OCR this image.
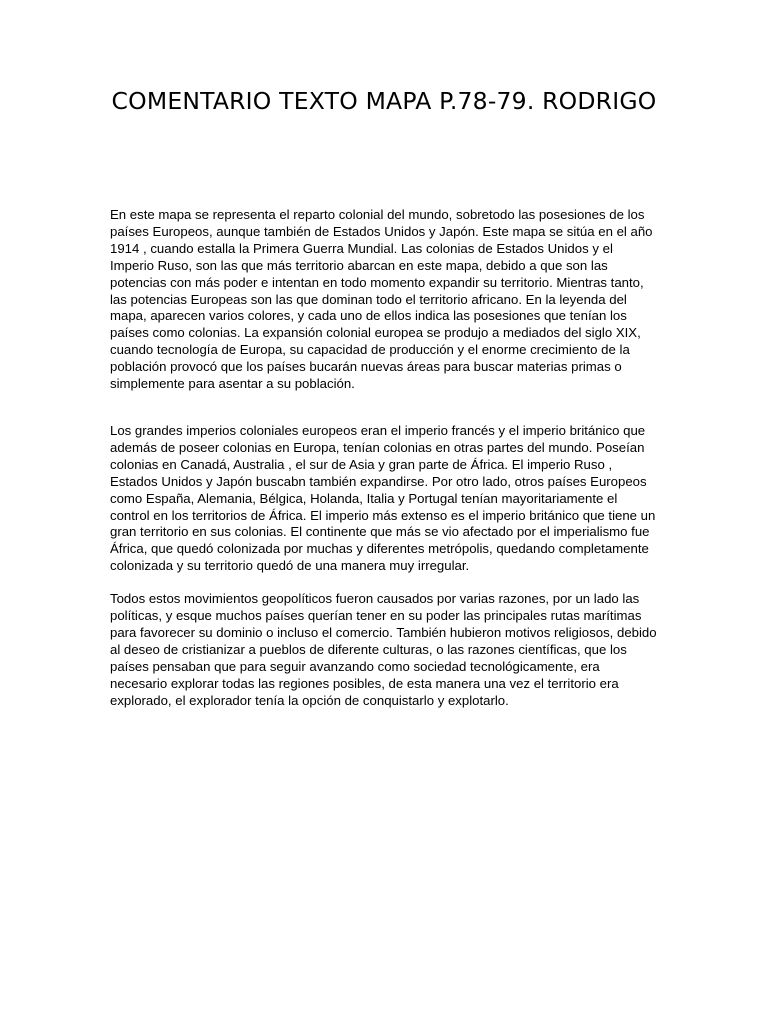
COMENTARIO TEXTO MAPA P.78-79. RODRIGO

En este mapa se representa el reparto colonial del mundo, sobretodo las posesiones de los países Europeos, aunque también de Estados Unidos y Japón. Este mapa se sitúa en el año 1914 , cuando estalla la Primera Guerra Mundial. Las colonias de Estados Unidos y el Imperio Ruso, son las que más territorio abarcan en este mapa, debido a que son las potencias con más poder e intentan en todo momento expandir su territorio. Mientras tanto, las potencias Europeas son las que dominan todo el territorio africano. En la leyenda del mapa, aparecen varios colores, y cada uno de ellos indica las posesiones que tenían los países como colonias. La expansión colonial europea se produjo a mediados del siglo XIX, cuando tecnología de Europa, su capacidad de producción y el enorme crecimiento de la población provocó que los países bucarán nuevas áreas para buscar materias primas o simplemente para asentar a su población.

Los grandes imperios coloniales europeos eran el imperio francés y el imperio británico que además de poseer colonias en Europa, tenían colonias en otras partes del mundo. Poseían colonias en Canadá, Australia , el sur de Asia y gran parte de África. El imperio Ruso , Estados Unidos y Japón buscabn también expandirse. Por otro lado, otros países Europeos como España, Alemania, Bélgica, Holanda, Italia y Portugal tenían mayoritariamente el control en los territorios de África. El imperio más extenso es el imperio británico que tiene un gran territorio en sus colonias. El continente que más se vio afectado por el imperialismo fue África, que quedó colonizada por muchas y diferentes metrópolis, quedando completamente colonizada y su territorio quedó de una manera muy irregular.

Todos estos movimientos geopolíticos fueron causados por varias razones, por un lado las políticas, y esque muchos países querían tener en su poder las principales rutas marítimas para favorecer su dominio o incluso el comercio. También hubieron motivos religiosos, debido al deseo de cristianizar a pueblos de diferente culturas, o las razones científicas, que los países pensaban que para seguir avanzando como sociedad tecnológicamente, era necesario explorar todas las regiones posibles, de esta manera una vez el territorio era explorado, el explorador tenía la opción de conquistarlo y explotarlo.
